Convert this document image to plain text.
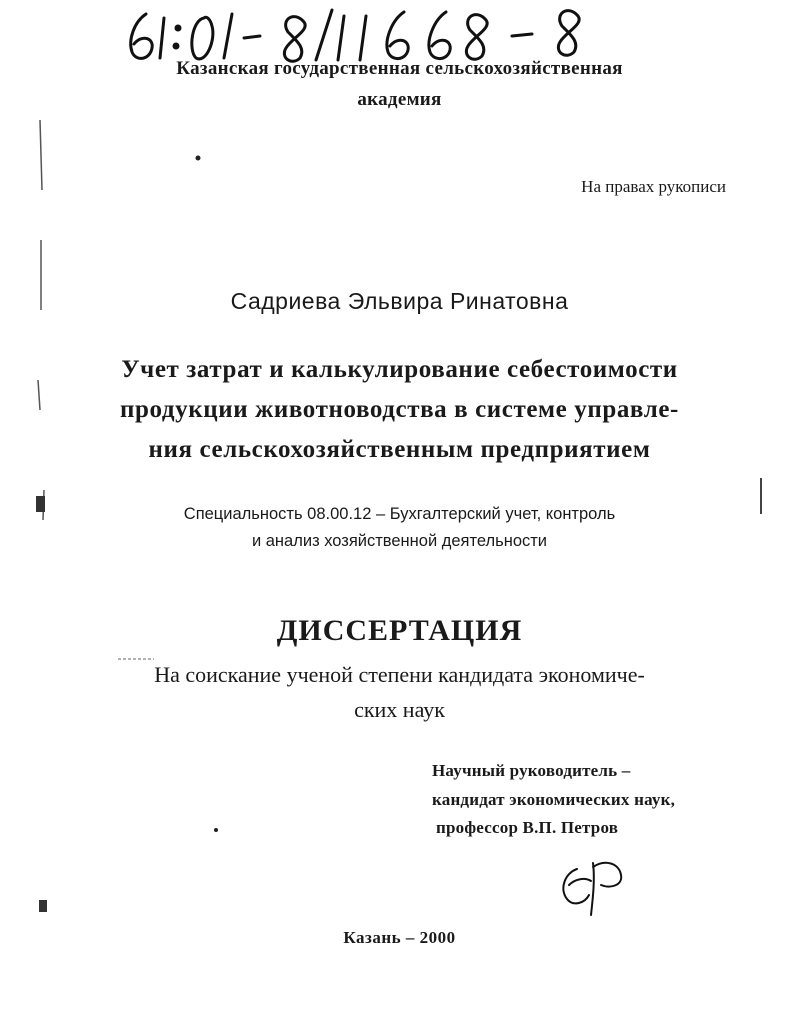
Казанская государственная сельскохозяйственная
академия
На правах рукописи
Садриева Эльвира Ринатовна
Учет затрат и калькулирование себестоимости
продукции животноводства в системе управле-
ния сельскохозяйственным предприятием
Специальность 08.00.12 – Бухгалтерский учет, контроль
и анализ хозяйственной деятельности
ДИССЕРТАЦИЯ
На соискание ученой степени кандидата экономиче-
ских наук
Научный руководитель –
кандидат экономических наук,
профессор В.П. Петров
Казань – 2000
